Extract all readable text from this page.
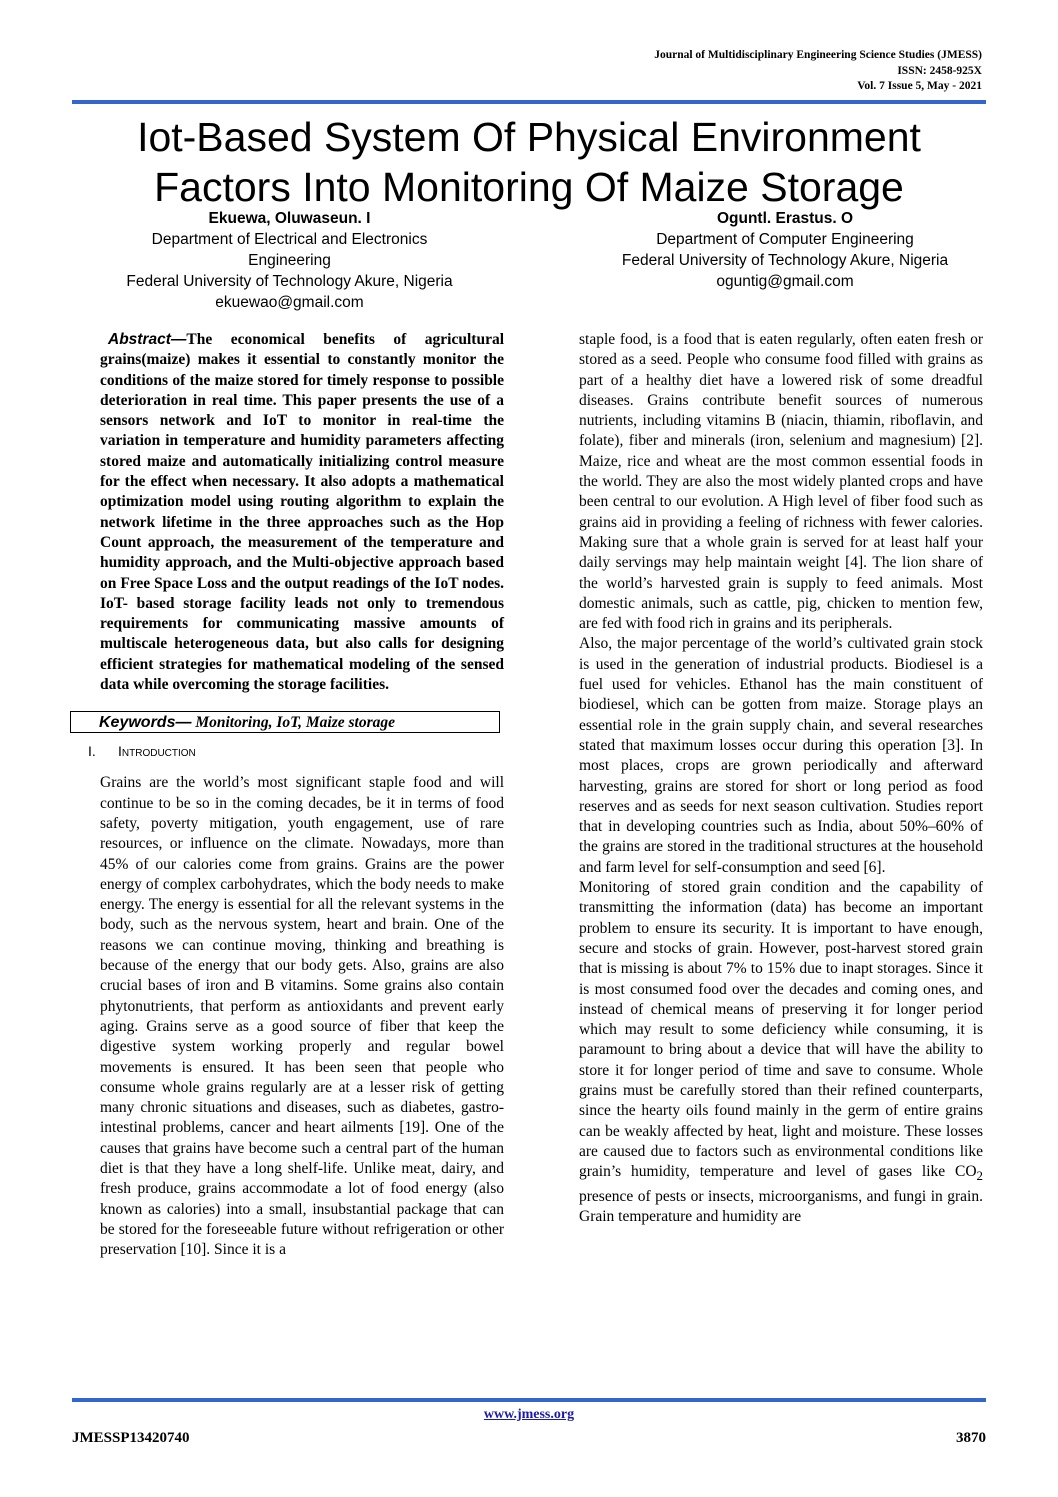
Journal of Multidisciplinary Engineering Science Studies (JMESS)
ISSN: 2458-925X
Vol. 7 Issue 5, May - 2021
Iot-Based System Of Physical Environment
Factors Into Monitoring Of Maize Storage
Ekuewa, Oluwaseun. I
Department of Electrical and Electronics
Engineering
Federal University of Technology Akure, Nigeria
ekuewao@gmail.com
Oguntl. Erastus. O
Department of Computer Engineering
Federal University of Technology Akure, Nigeria
oguntig@gmail.com

Abstract—The economical benefits of agricultural grains(maize) makes it essential to constantly monitor the conditions of the maize stored for timely response to possible deterioration in real time. This paper presents the use of a sensors network and IoT to monitor in real-time the variation in temperature and humidity parameters affecting stored maize and automatically initializing control measure for the effect when necessary. It also adopts a mathematical optimization model using routing algorithm to explain the network lifetime in the three approaches such as the Hop Count approach, the measurement of the temperature and humidity approach, and the Multi-objective approach based on Free Space Loss and the output readings of the IoT nodes. IoT- based storage facility leads not only to tremendous requirements for communicating massive amounts of multiscale heterogeneous data, but also calls for designing efficient strategies for mathematical modeling of the sensed data while overcoming the storage facilities.

Keywords— Monitoring, IoT, Maize storage
I. Introduction

Grains are the world’s most significant staple food and will continue to be so in the coming decades, be it in terms of food safety, poverty mitigation, youth engagement, use of rare resources, or influence on the climate. Nowadays, more than 45% of our calories come from grains. Grains are the power energy of complex carbohydrates, which the body needs to make energy. The energy is essential for all the relevant systems in the body, such as the nervous system, heart and brain. One of the reasons we can continue moving, thinking and breathing is because of the energy that our body gets. Also, grains are also crucial bases of iron and B vitamins. Some grains also contain phytonutrients, that perform as antioxidants and prevent early aging. Grains serve as a good source of fiber that keep the digestive system working properly and regular bowel movements is ensured. It has been seen that people who consume whole grains regularly are at a lesser risk of getting many chronic situations and diseases, such as diabetes, gastro-intestinal problems, cancer and heart ailments [19]. One of the causes that grains have become such a central part of the human diet is that they have a long shelf-life. Unlike meat, dairy, and fresh produce, grains accommodate a lot of food energy (also known as calories) into a small, insubstantial package that can be stored for the foreseeable future without refrigeration or other preservation [10]. Since it is a

staple food, is a food that is eaten regularly, often eaten fresh or stored as a seed. People who consume food filled with grains as part of a healthy diet have a lowered risk of some dreadful diseases. Grains contribute benefit sources of numerous nutrients, including vitamins B (niacin, thiamin, riboflavin, and folate), fiber and minerals (iron, selenium and magnesium) [2]. Maize, rice and wheat are the most common essential foods in the world. They are also the most widely planted crops and have been central to our evolution. A High level of fiber food such as grains aid in providing a feeling of richness with fewer calories. Making sure that a whole grain is served for at least half your daily servings may help maintain weight [4]. The lion share of the world’s harvested grain is supply to feed animals. Most domestic animals, such as cattle, pig, chicken to mention few, are fed with food rich in grains and its peripherals.

Also, the major percentage of the world’s cultivated grain stock is used in the generation of industrial products. Biodiesel is a fuel used for vehicles. Ethanol has the main constituent of biodiesel, which can be gotten from maize. Storage plays an essential role in the grain supply chain, and several researches stated that maximum losses occur during this operation [3]. In most places, crops are grown periodically and afterward harvesting, grains are stored for short or long period as food reserves and as seeds for next season cultivation. Studies report that in developing countries such as India, about 50%–60% of the grains are stored in the traditional structures at the household and farm level for self-consumption and seed [6].

Monitoring of stored grain condition and the capability of transmitting the information (data) has become an important problem to ensure its security. It is important to have enough, secure and stocks of grain. However, post-harvest stored grain that is missing is about 7% to 15% due to inapt storages. Since it is most consumed food over the decades and coming ones, and instead of chemical means of preserving it for longer period which may result to some deficiency while consuming, it is paramount to bring about a device that will have the ability to store it for longer period of time and save to consume. Whole grains must be carefully stored than their refined counterparts, since the hearty oils found mainly in the germ of entire grains can be weakly affected by heat, light and moisture. These losses are caused due to factors such as environmental conditions like grain’s humidity, temperature and level of gases like $CO_2$ presence of pests or insects, microorganisms, and fungi in grain. Grain temperature and humidity are

www.jmess.org
JMESSP13420740	3870
